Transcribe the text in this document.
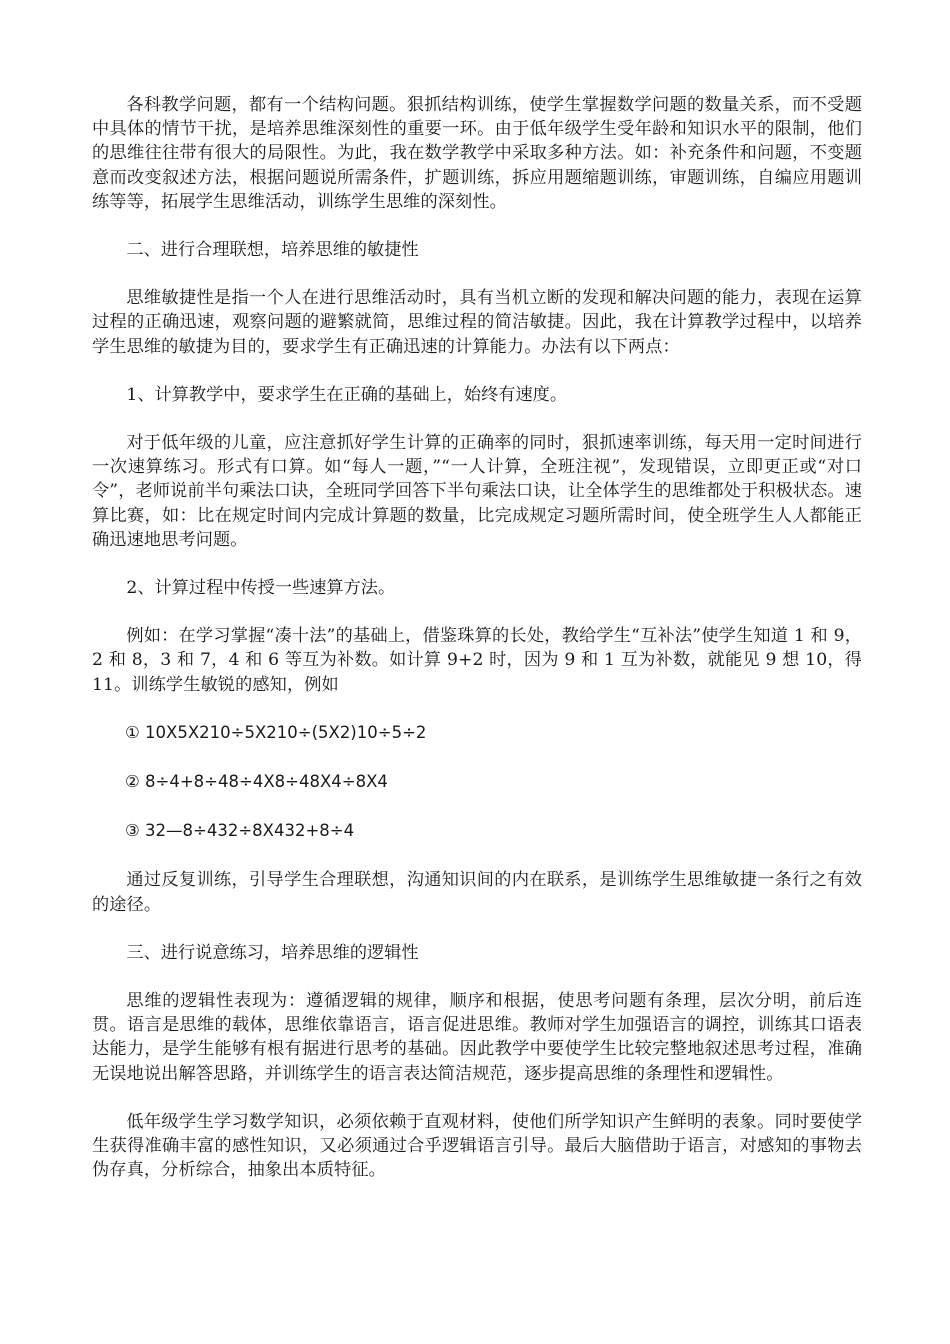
各科教学问题，都有一个结构问题。狠抓结构训练，使学生掌握数学问题的数量关系，而不受题中具体的情节干扰，是培养思维深刻性的重要一环。由于低年级学生受年龄和知识水平的限制，他们的思维往往带有很大的局限性。为此，我在数学教学中采取多种方法。如：补充条件和问题，不变题意而改变叙述方法，根据问题说所需条件，扩题训练，拆应用题缩题训练，审题训练，自编应用题训练等等，拓展学生思维活动，训练学生思维的深刻性。

二、进行合理联想，培养思维的敏捷性

思维敏捷性是指一个人在进行思维活动时，具有当机立断的发现和解决问题的能力，表现在运算过程的正确迅速，观察问题的避繁就简，思维过程的简洁敏捷。因此，我在计算教学过程中，以培养学生思维的敏捷为目的，要求学生有正确迅速的计算能力。办法有以下两点：

1、计算教学中，要求学生在正确的基础上，始终有速度。

对于低年级的儿童，应注意抓好学生计算的正确率的同时，狠抓速率训练，每天用一定时间进行一次速算练习。形式有口算。如“每人一题，”“一人计算，全班注视”，发现错误，立即更正或“对口令”，老师说前半句乘法口诀，全班同学回答下半句乘法口诀，让全体学生的思维都处于积极状态。速算比赛，如：比在规定时间内完成计算题的数量，比完成规定习题所需时间，使全班学生人人都能正确迅速地思考问题。

2、计算过程中传授一些速算方法。

例如：在学习掌握“凑十法”的基础上，借鉴珠算的长处，教给学生“互补法”使学生知道 1 和 9，2 和 8，3 和 7，4 和 6 等互为补数。如计算 9+2 时，因为 9 和 1 互为补数，就能见 9 想 10，得 11。训练学生敏锐的感知，例如

① 10X5X210÷5X210÷(5X2)10÷5÷2

② 8÷4+8÷48÷4X8÷48X4÷8X4

③ 32—8÷432÷8X432+8÷4

通过反复训练，引导学生合理联想，沟通知识间的内在联系，是训练学生思维敏捷一条行之有效的途径。

三、进行说意练习，培养思维的逻辑性

思维的逻辑性表现为：遵循逻辑的规律，顺序和根据，使思考问题有条理，层次分明，前后连贯。语言是思维的载体，思维依靠语言，语言促进思维。教师对学生加强语言的调控，训练其口语表达能力，是学生能够有根有据进行思考的基础。因此教学中要使学生比较完整地叙述思考过程，准确无误地说出解答思路，并训练学生的语言表达简洁规范，逐步提高思维的条理性和逻辑性。

低年级学生学习数学知识，必须依赖于直观材料，使他们所学知识产生鲜明的表象。同时要使学生获得准确丰富的感性知识，又必须通过合乎逻辑语言引导。最后大脑借助于语言，对感知的事物去伪存真，分析综合，抽象出本质特征。
